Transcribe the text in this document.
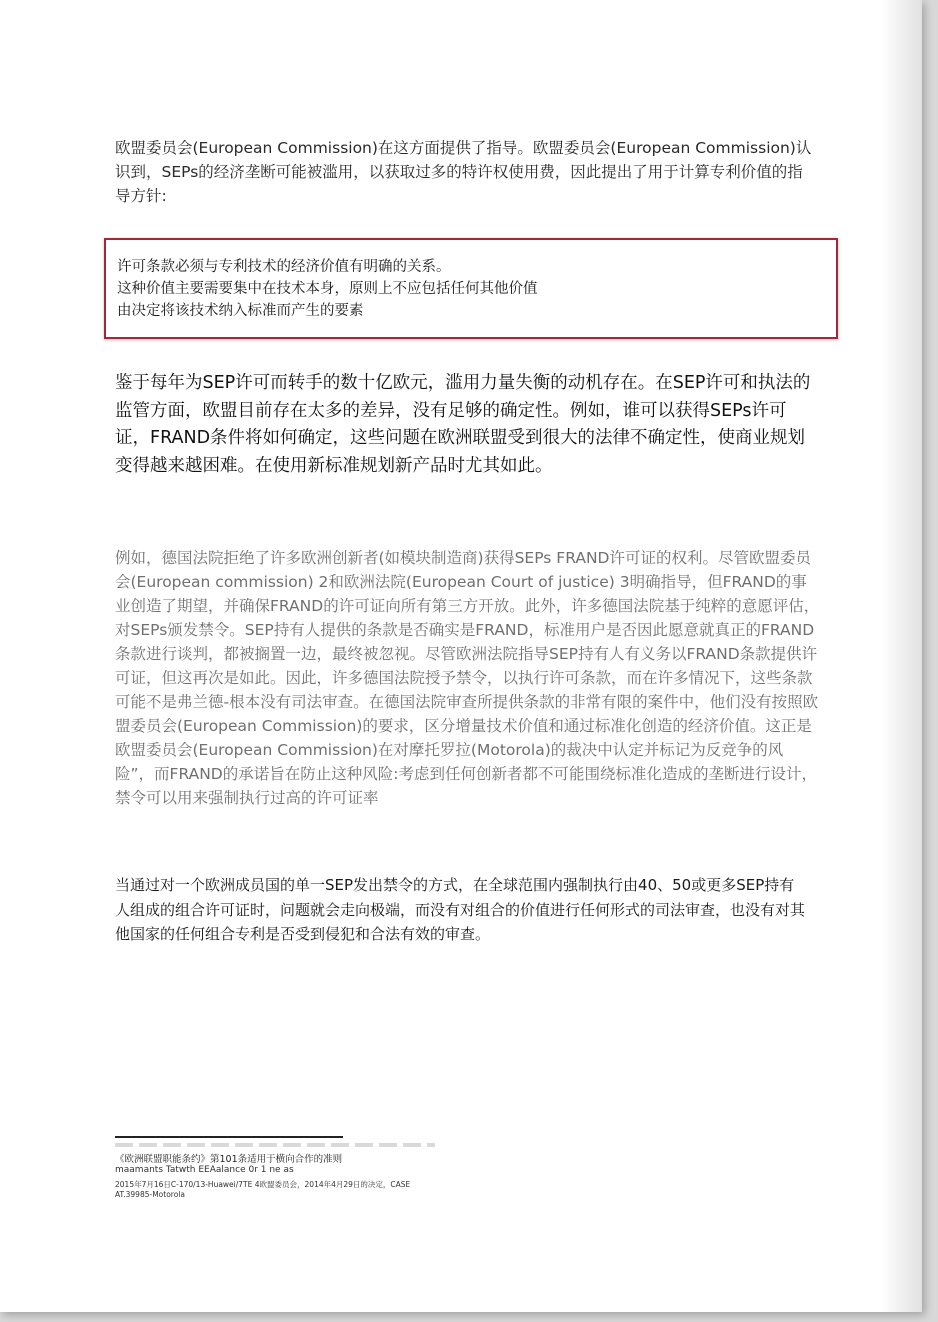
欧盟委员会(European Commission)在这方面提供了指导。欧盟委员会(European Commission)认识到，SEPs的经济垄断可能被滥用，以获取过多的特许权使用费，因此提出了用于计算专利价值的指导方针:
许可条款必须与专利技术的经济价值有明确的关系。
这种价值主要需要集中在技术本身，原则上不应包括任何其他价值
由决定将该技术纳入标准而产生的要素
鉴于每年为SEP许可而转手的数十亿欧元，滥用力量失衡的动机存在。在SEP许可和执法的监管方面，欧盟目前存在太多的差异，没有足够的确定性。例如，谁可以获得SEPs许可证，FRAND条件将如何确定，这些问题在欧洲联盟受到很大的法律不确定性，使商业规划变得越来越困难。在使用新标准规划新产品时尤其如此。
例如，德国法院拒绝了许多欧洲创新者(如模块制造商)获得SEPs FRAND许可证的权利。尽管欧盟委员会(European commission) 2和欧洲法院(European Court of justice) 3明确指导，但FRAND的事业创造了期望，并确保FRAND的许可证向所有第三方开放。此外，许多德国法院基于纯粹的意愿评估，对SEPs颁发禁令。SEP持有人提供的条款是否确实是FRAND，标准用户是否因此愿意就真正的FRAND条款进行谈判，都被搁置一边，最终被忽视。尽管欧洲法院指导SEP持有人有义务以FRAND条款提供许可证，但这再次是如此。因此，许多德国法院授予禁令，以执行许可条款，而在许多情况下，这些条款可能不是弗兰德-根本没有司法审查。在德国法院审查所提供条款的非常有限的案件中，他们没有按照欧盟委员会(European Commission)的要求，区分增量技术价值和通过标准化创造的经济价值。这正是欧盟委员会(European Commission)在对摩托罗拉(Motorola)的裁决中认定并标记为反竞争的风险”，而FRAND的承诺旨在防止这种风险:考虑到任何创新者都不可能围绕标准化造成的垄断进行设计，禁令可以用来强制执行过高的许可证率
当通过对一个欧洲成员国的单一SEP发出禁令的方式，在全球范围内强制执行由40、50或更多SEP持有人组成的组合许可证时，问题就会走向极端，而没有对组合的价值进行任何形式的司法审查，也没有对其他国家的任何组合专利是否受到侵犯和合法有效的审查。
《欧洲联盟职能条约》第101条适用于横向合作的准则
maamants Tatwth EEAalance 0r 1 ne as
2015年7月16日C-170/13-Huawei/7TE 4欧盟委员会，2014年4月29日的决定，CASE
AT.39985-Motorola
